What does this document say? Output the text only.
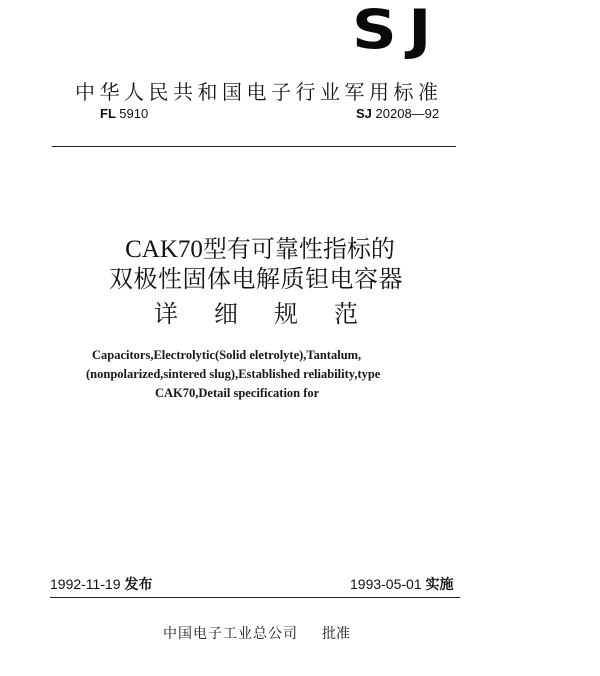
SJ
中华人民共和国电子行业军用标准
FL 5910	SJ 20208—92
CAK70型有可靠性指标的
双极性固体电解质钽电容器
详 细 规 范
Capacitors,Electrolytic(Solid eletrolyte),Tantalum,
(nonpolarized,sintered slug),Established reliability,type
CAK70,Detail specification for
1992-11-19 发布	1993-05-01 实施
中国电子工业总公司 批准
